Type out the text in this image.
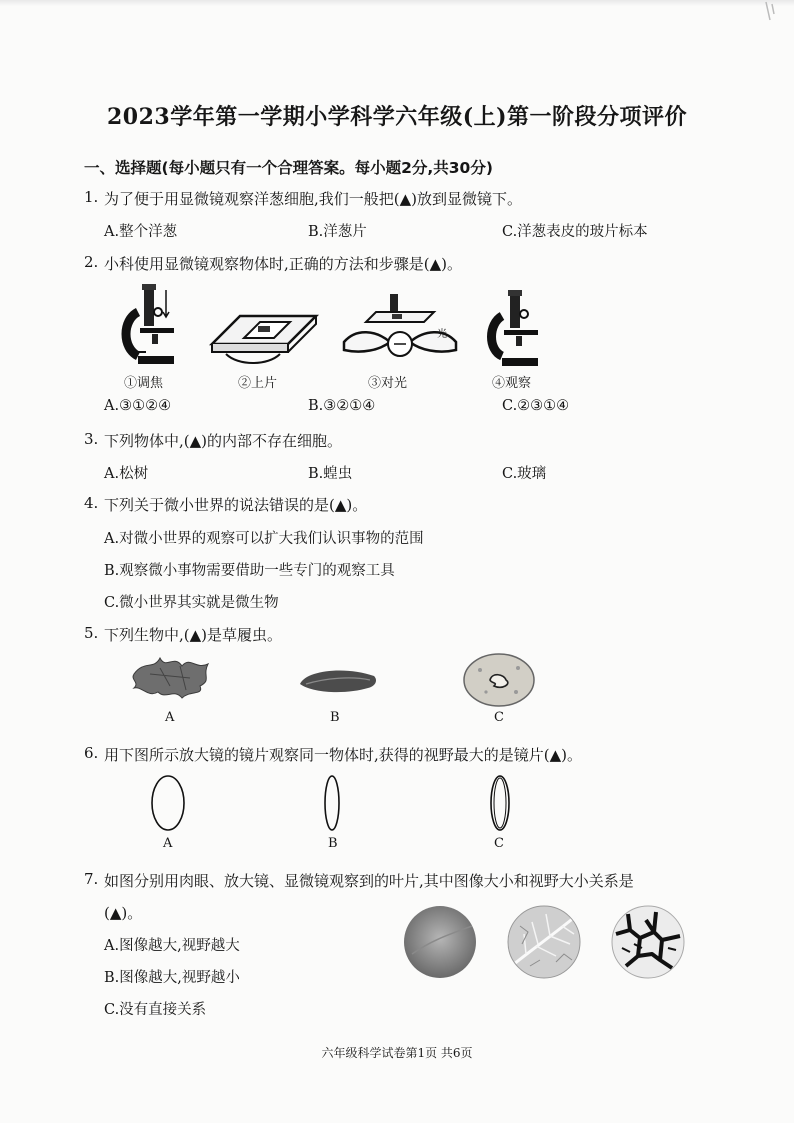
2023学年第一学期小学科学六年级(上)第一阶段分项评价
一、选择题(每小题只有一个合理答案。每小题2分,共30分)
1. 为了便于用显微镜观察洋葱细胞,我们一般把(▲)放到显微镜下。
A.整个洋葱	B.洋葱片	C.洋葱表皮的玻片标本
2. 小科使用显微镜观察物体时,正确的方法和步骤是(▲)。
①调焦	②上片
光
③对光	④观察
A.③①②④	B.③②①④	C.②③①④
3. 下列物体中,(▲)的内部不存在细胞。
A.松树	B.蝗虫	C.玻璃
4. 下列关于微小世界的说法错误的是(▲)。
A.对微小世界的观察可以扩大我们认识事物的范围
B.观察微小事物需要借助一些专门的观察工具
C.微小世界其实就是微生物
5. 下列生物中,(▲)是草履虫。
A	B	C
6. 用下图所示放大镜的镜片观察同一物体时,获得的视野最大的是镜片(▲)。
A	B	C
7. 如图分别用肉眼、放大镜、显微镜观察到的叶片,其中图像大小和视野大小关系是
(▲)。
A.图像越大,视野越大
B.图像越大,视野越小
C.没有直接关系
六年级科学试卷第1页 共6页
